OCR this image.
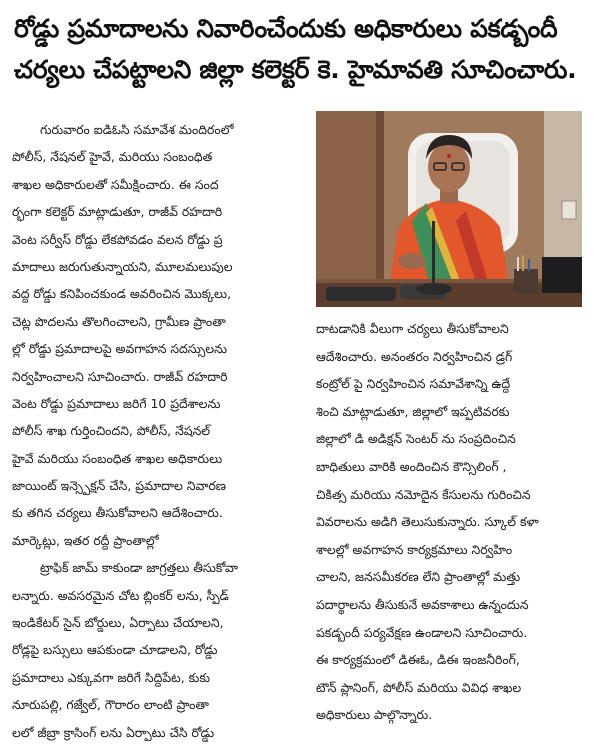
రోడ్డు ప్రమాదాలను నివారించేందుకు అధికారులు పకడ్బందీ
చర్యలు చేపట్టాలని జిల్లా కలెక్టర్ కె. హైమావతి సూచించారు.
గురువారం ఐడిఓసి సమావేశ మందిరంలో
పోలీస్, నేషనల్ హైవే, మరియు సంబంధిత
శాఖల అధికారులతో సమీక్షించారు. ఈ సంద
ర్భంగా కలెక్టర్ మాట్లాడుతూ, రాజీవ్ రహదారి
వెంట సర్వీస్ రోడ్డు లేకపోవడం వలన రోడ్డు ప్ర
మాదాలు జరుగుతున్నాయని, మూలమలుపుల
వద్ద రోడ్డు కనిపించకుండ అవరించిన మొక్కలు,
చెట్ల పొదలను తొలగించాలని, గ్రామీణ ప్రాంతా
ల్లో రోడ్డు ప్రమాదాలపై అవగాహన సదస్సులను
నిర్వహించాలని సూచించారు. రాజీవ్ రహదారి
వెంట రోడ్డు ప్రమాదాలు జరిగే 10 ప్రదేశాలను
పోలీస్ శాఖ గుర్తించిందని, పోలీస్, నేషనల్
హైవే మరియు సంబంధిత శాఖల అధికారులు
జాయింట్ ఇన్స్పెక్షన్ చేసి, ప్రమాదాల నివారణ
కు తగిన చర్యలు తీసుకోవాలని ఆదేశించారు.
మార్కెట్లు, ఇతర రద్దీ ప్రాంతాల్లో
ట్రాఫిక్ జామ్ కాకుండా జాగ్రత్తలు తీసుకోవా
లన్నారు. అవసరమైన చోట బ్లింకర్ లను, స్పీడ్
ఇండికేటర్ సైన్ బోర్డులు, ఏర్పాటు చేయాలని,
రోడ్లపై బస్సులు ఆపకుండా చూడాలని, రోడ్డు
ప్రమాదాలు ఎక్కువగా జరిగే సిద్దిపేట, కుకు
నూరుపల్లి, గజ్వేల్, గౌరారం లాంటి ప్రాంతా
లలో జీబ్రా క్రాసింగ్ లను ఏర్పాటు చేసి రోడ్డు
దాటడానికి వీలుగా చర్యలు తీసుకోవాలని
ఆదేశించారు. అనంతరం నిర్వహించిన డ్రగ్
కంట్రోల్ పై నిర్వహించిన సమావేశాన్ని ఉద్దే
శించి మాట్లాడుతూ, జిల్లాలో ఇప్పటివరకు
జిల్లాలో డి అడిక్షన్ సెంటర్ ను సంప్రదించిన
బాధితులు వారికి అందించిన కౌన్సిలింగ్ ,
చికిత్స మరియు నమోదైన కేసులను గురించిన
వివరాలను అడిగి తెలుసుకున్నారు. స్కూల్ కళా
శాలల్లో అవగాహన కార్యక్రమాలు నిర్వహిం
చాలని, జనసమీకరణ లేని ప్రాంతాల్లో మత్తు
పదార్థాలను తీసుకునే అవకాశాలు ఉన్నందున
పకడ్బందీ పర్యవేక్షణ ఉండాలని సూచించారు.
ఈ కార్యక్రమంలో డిఈఓ, డిఈ ఇంజనీరింగ్,
టౌన్ ప్లానింగ్, పోలీస్ మరియు వివిధ శాఖల
అధికారులు పాల్గొన్నారు.
